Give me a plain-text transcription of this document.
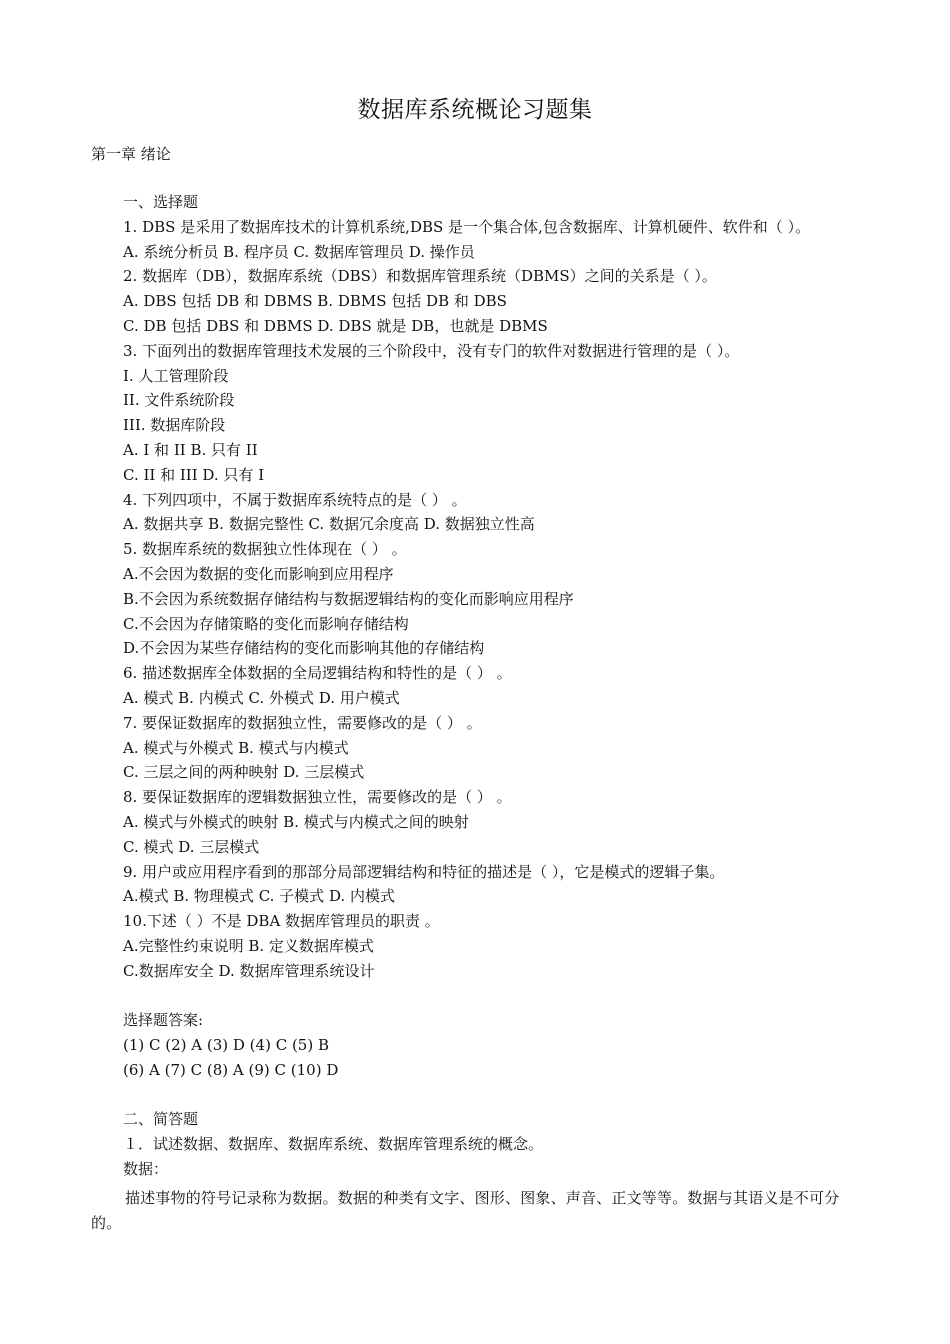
数据库系统概论习题集
第一章 绪论
一、选择题
1. DBS 是采用了数据库技术的计算机系统,DBS 是一个集合体,包含数据库、计算机硬件、软件和（ ）。
A. 系统分析员 B. 程序员 C. 数据库管理员 D. 操作员
2. 数据库（DB），数据库系统（DBS）和数据库管理系统（DBMS）之间的关系是（ ）。
A. DBS 包括 DB 和 DBMS B. DBMS 包括 DB 和 DBS
C. DB 包括 DBS 和 DBMS D. DBS 就是 DB，也就是 DBMS
3. 下面列出的数据库管理技术发展的三个阶段中，没有专门的软件对数据进行管理的是（ ）。
I. 人工管理阶段
II. 文件系统阶段
III. 数据库阶段
A. I 和 II B. 只有 II
C. II 和 III D. 只有 I
4. 下列四项中，不属于数据库系统特点的是（ ） 。
A. 数据共享 B. 数据完整性 C. 数据冗余度高 D. 数据独立性高
5. 数据库系统的数据独立性体现在（ ） 。
A.不会因为数据的变化而影响到应用程序
B.不会因为系统数据存储结构与数据逻辑结构的变化而影响应用程序
C.不会因为存储策略的变化而影响存储结构
D.不会因为某些存储结构的变化而影响其他的存储结构
6. 描述数据库全体数据的全局逻辑结构和特性的是（ ） 。
A. 模式 B. 内模式 C. 外模式 D. 用户模式
7. 要保证数据库的数据独立性，需要修改的是（ ） 。
A. 模式与外模式 B. 模式与内模式
C. 三层之间的两种映射 D. 三层模式
8. 要保证数据库的逻辑数据独立性，需要修改的是（ ） 。
A. 模式与外模式的映射 B. 模式与内模式之间的映射
C. 模式 D. 三层模式
9. 用户或应用程序看到的那部分局部逻辑结构和特征的描述是（ ），它是模式的逻辑子集。
A.模式 B. 物理模式 C. 子模式 D. 内模式
10.下述（ ）不是 DBA 数据库管理员的职责 。
A.完整性约束说明 B. 定义数据库模式
C.数据库安全 D. 数据库管理系统设计
选择题答案:
(1) C (2) A (3) D (4) C (5) B
(6) A (7) C (8) A (9) C (10) D
二、简答题
１．试述数据、数据库、数据库系统、数据库管理系统的概念。
数据：
描述事物的符号记录称为数据。数据的种类有文字、图形、图象、声音、正文等等。数据与其语义是不可分的。
